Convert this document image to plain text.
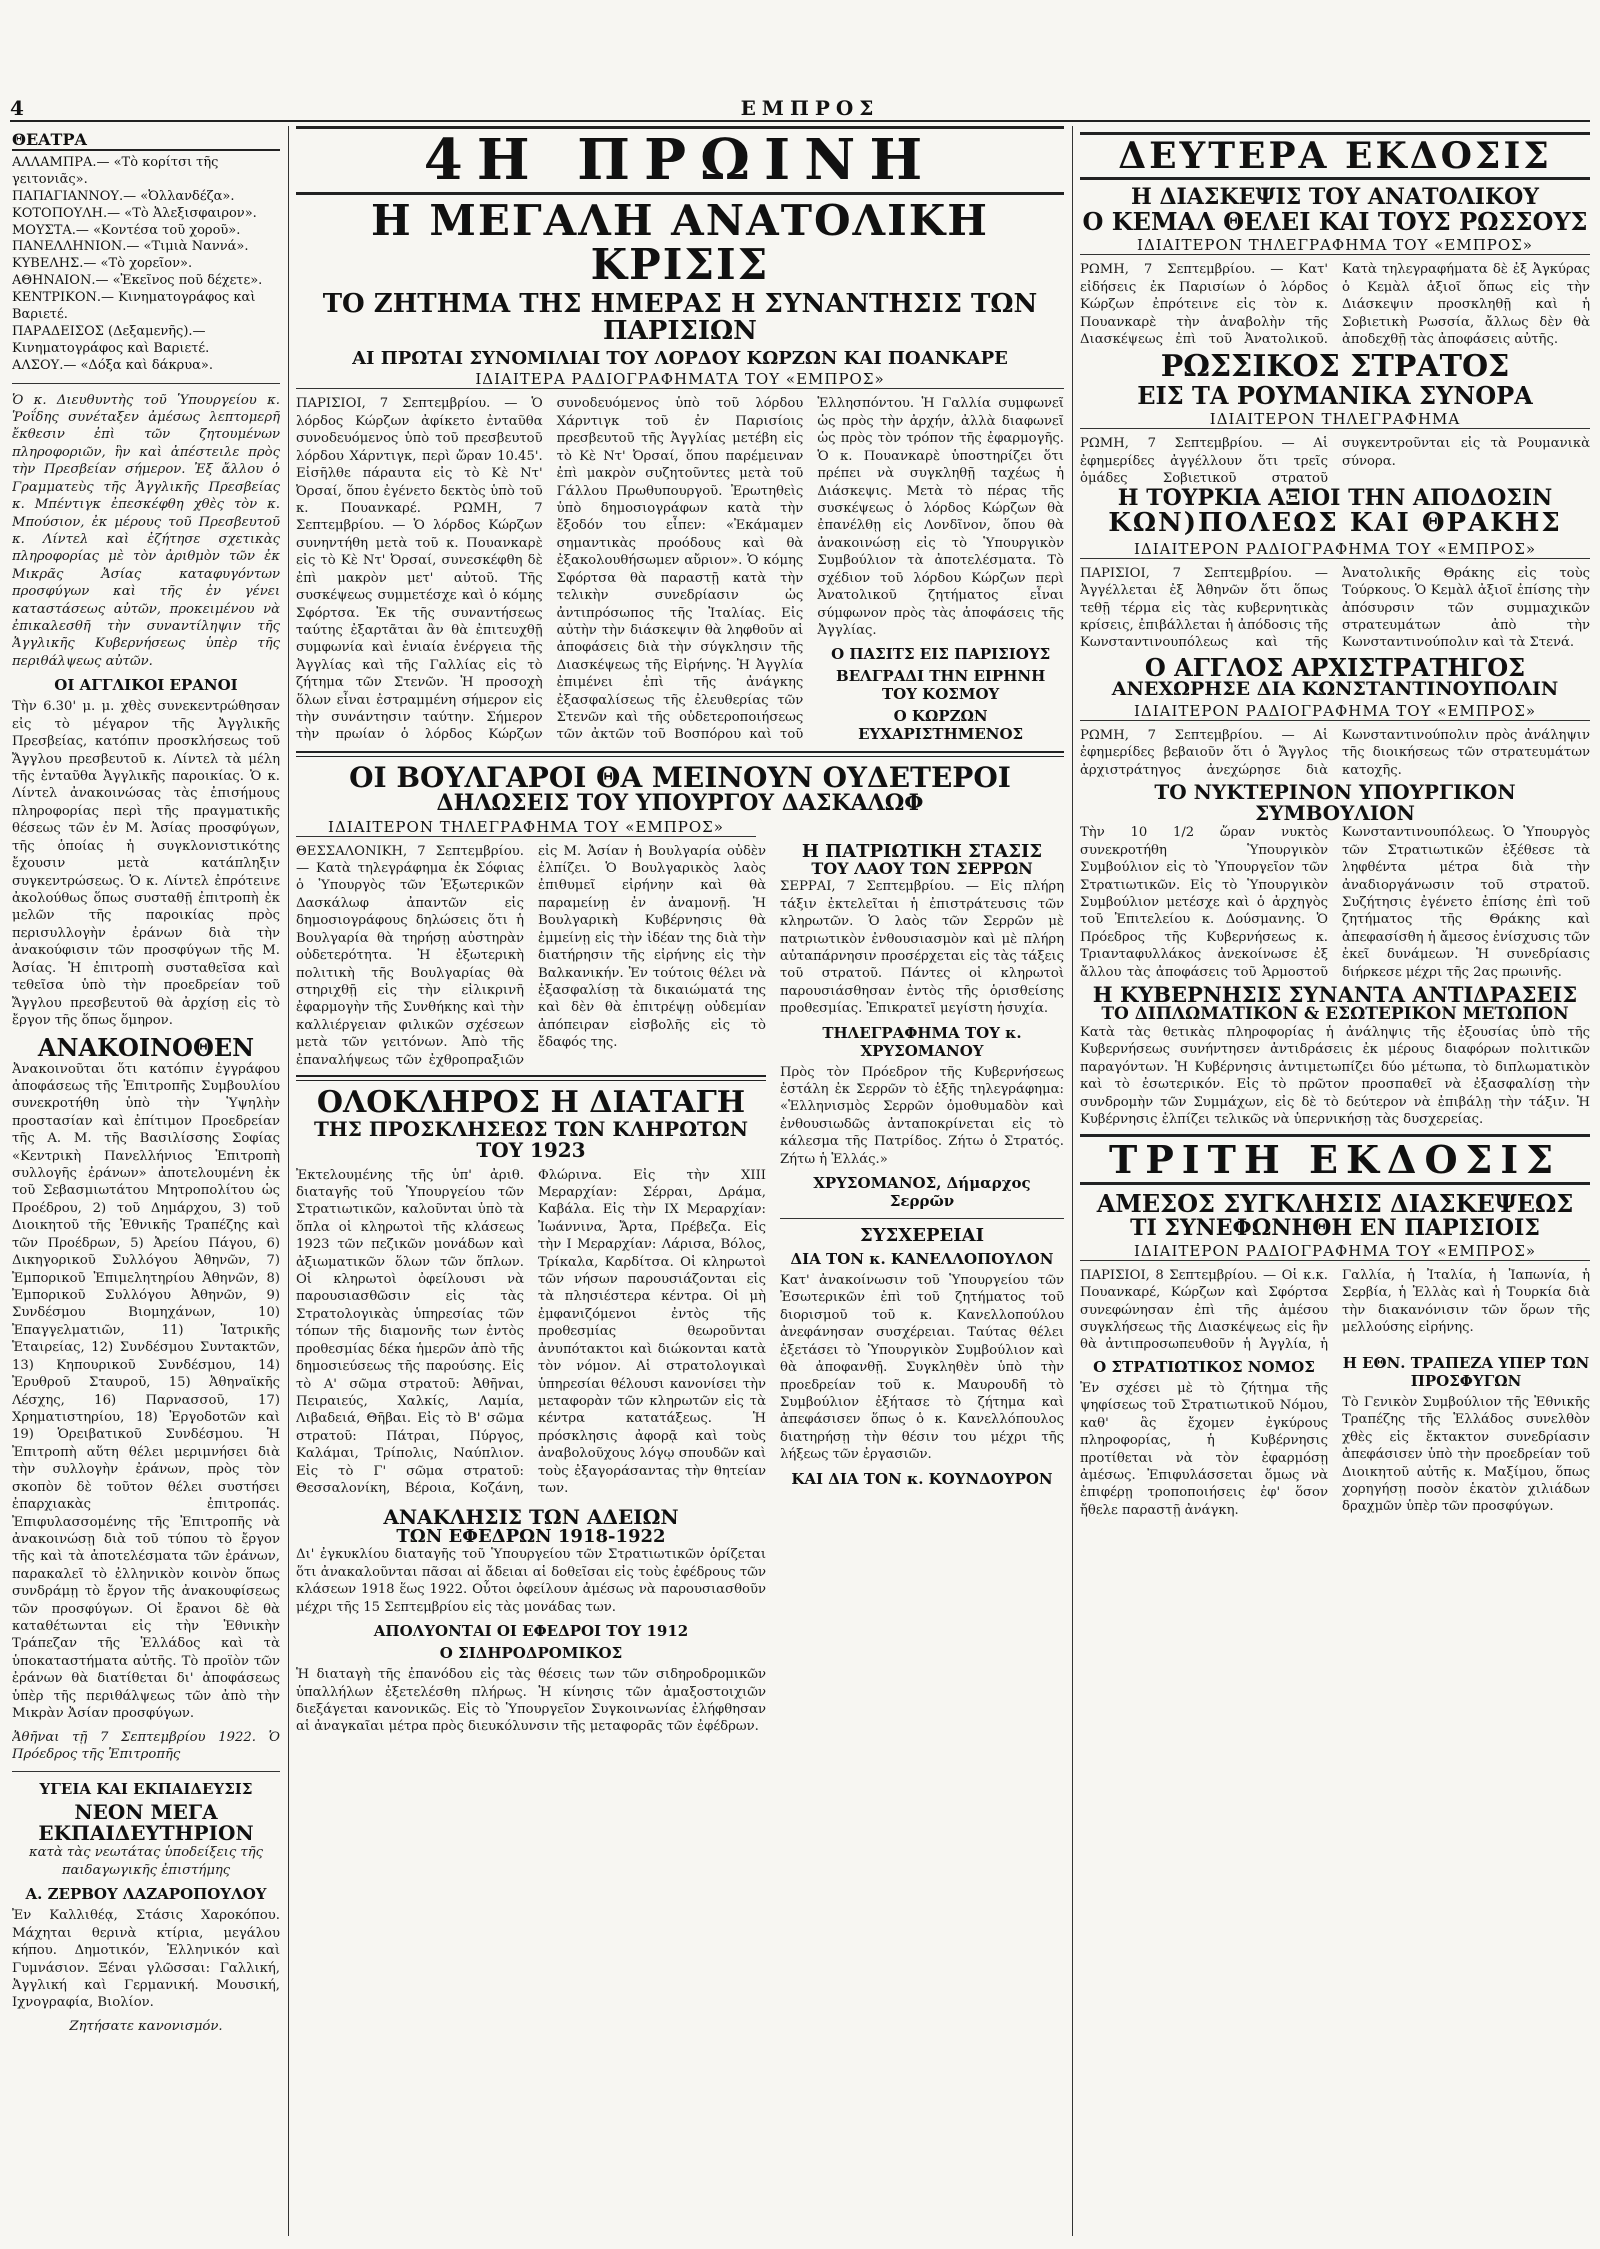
4	ΕΜΠΡΟΣ
ΘΕΑΤΡΑ

ΑΛΛΑΜΠΡΑ.— «Τὸ κορίτσι τῆς γειτονιᾶς».

ΠΑΠΑΓΙΑΝΝΟΥ.— «Ὀλλανδέζα».

ΚΟΤΟΠΟΥΛΗ.— «Τὸ Ἀλεξισφαιρον».

ΜΟΥΣΤΑ.— «Κοντέσα τοῦ χοροῦ».

ΠΑΝΕΛΛΗΝΙΟΝ.— «Τιμιὰ Ναννά».

ΚΥΒΕΛΗΣ.— «Τὸ χορεῖον».

ΑΘΗΝΑΙΟΝ.— «Ἐκεῖνος ποῦ δέχετε».

ΚΕΝΤΡΙΚΟΝ.— Κινηματογράφος καὶ Βαριετέ.

ΠΑΡΑΔΕΙΣΟΣ (Δεξαμενῆς).— Κινηματογράφος καὶ Βαριετέ.

ΑΛΣΟΥ.— «Δόξα καὶ δάκρυα».

Ὁ κ. Διευθυντὴς τοῦ Ὑπουργείου κ. Ῥοΐδης συνέταξεν ἀμέσως λεπτομερῆ ἔκθεσιν ἐπὶ τῶν ζητουμένων πληροφοριῶν, ἣν καὶ ἀπέστειλε πρὸς τὴν Πρεσβείαν σήμερον. Ἐξ ἄλλου ὁ Γραμματεὺς τῆς Ἀγγλικῆς Πρεσβείας κ. Μπέντιγκ ἐπεσκέφθη χθὲς τὸν κ. Μπούσιον, ἐκ μέρους τοῦ Πρεσβευτοῦ κ. Λίντελ καὶ ἐζήτησε σχετικὰς πληροφορίας μὲ τὸν ἀριθμὸν τῶν ἐκ Μικρᾶς Ἀσίας καταφυγόντων προσφύγων καὶ τῆς ἐν γένει καταστάσεως αὐτῶν, προκειμένου νὰ ἐπικαλεσθῆ τὴν συναντίληψιν τῆς Ἀγγλικῆς Κυβερνήσεως ὑπὲρ τῆς περιθάλψεως αὐτῶν.

ΟΙ ΑΓΓΛΙΚΟΙ ΕΡΑΝΟΙ

Τὴν 6.30' μ. μ. χθὲς συνεκεντρώθησαν εἰς τὸ μέγαρον τῆς Ἀγγλικῆς Πρεσβείας, κατόπιν προσκλήσεως τοῦ Ἄγγλου πρεσβευτοῦ κ. Λίντελ τὰ μέλη τῆς ἐνταῦθα Ἀγγλικῆς παροικίας. Ὁ κ. Λίντελ ἀνακοινώσας τὰς ἐπισήμους πληροφορίας περὶ τῆς πραγματικῆς θέσεως τῶν ἐν Μ. Ἀσίας προσφύγων, τῆς ὁποίας ἡ συγκλονιστικότης ἔχουσιν μετὰ κατάπληξιν συγκεντρώσεως. Ὁ κ. Λίντελ ἐπρότεινε ἀκολούθως ὅπως συσταθῇ ἐπιτροπὴ ἐκ μελῶν τῆς παροικίας πρὸς περισυλλογὴν ἐράνων διὰ τὴν ἀνακούφισιν τῶν προσφύγων τῆς Μ. Ἀσίας. Ἡ ἐπιτροπὴ συσταθεῖσα καὶ τεθεῖσα ὑπὸ τὴν προεδρείαν τοῦ Ἄγγλου πρεσβευτοῦ θὰ ἀρχίσῃ εἰς τὸ ἔργον τῆς ὅπως ὅμηρον.

ΑΝΑΚΟΙΝΟΘΕΝ

Ἀνακοινοῦται ὅτι κατόπιν ἐγγράφου ἀποφάσεως τῆς Ἐπιτροπῆς Συμβουλίου συνεκροτήθη ὑπὸ τὴν Ὑψηλὴν προστασίαν καὶ ἐπίτιμον Προεδρείαν τῆς Α. Μ. τῆς Βασιλίσσης Σοφίας «Κεντρικὴ Πανελλήνιος Ἐπιτροπὴ συλλογῆς ἐράνων» ἀποτελουμένη ἐκ τοῦ Σεβασμιωτάτου Μητροπολίτου ὡς Προέδρου, 2) τοῦ Δημάρχου, 3) τοῦ Διοικητοῦ τῆς Ἐθνικῆς Τραπέζης καὶ τῶν Προέδρων, 5) Ἀρείου Πάγου, 6) Δικηγορικοῦ Συλλόγου Ἀθηνῶν, 7) Ἐμπορικοῦ Ἐπιμελητηρίου Ἀθηνῶν, 8) Ἐμπορικοῦ Συλλόγου Ἀθηνῶν, 9) Συνδέσμου Βιομηχάνων, 10) Ἐπαγγελματιῶν, 11) Ἰατρικῆς Ἑταιρείας, 12) Συνδέσμου Συντακτῶν, 13) Κηπουρικοῦ Συνδέσμου, 14) Ἐρυθροῦ Σταυροῦ, 15) Ἀθηναϊκῆς Λέσχης, 16) Παρνασσοῦ, 17) Χρηματιστηρίου, 18) Ἐργοδοτῶν καὶ 19) Ὁρειβατικοῦ Συνδέσμου. Ἡ Ἐπιτροπὴ αὕτη θέλει μεριμνήσει διὰ τὴν συλλογὴν ἐράνων, πρὸς τὸν σκοπὸν δὲ τοῦτον θέλει συστήσει ἐπαρχιακὰς ἐπιτροπάς. Ἐπιφυλασσομένης τῆς Ἐπιτροπῆς νὰ ἀνακοινώσῃ διὰ τοῦ τύπου τὸ ἔργον τῆς καὶ τὰ ἀποτελέσματα τῶν ἐράνων, παρακαλεῖ τὸ ἐλληνικὸν κοινὸν ὅπως συνδράμῃ τὸ ἔργον τῆς ἀνακουφίσεως τῶν προσφύγων. Οἱ ἔρανοι δὲ θὰ καταθέτωνται εἰς τὴν Ἐθνικὴν Τράπεζαν τῆς Ἑλλάδος καὶ τὰ ὑποκαταστήματα αὐτῆς. Τὸ προϊὸν τῶν ἐράνων θὰ διατίθεται δι' ἀποφάσεως ὑπὲρ τῆς περιθάλψεως τῶν ἀπὸ τὴν Μικρὰν Ἀσίαν προσφύγων.

Ἀθῆναι τῇ 7 Σεπτεμβρίου 1922. Ὁ Πρόεδρος τῆς Ἐπιτροπῆς

ΥΓΕΙΑ ΚΑΙ ΕΚΠΑΙΔΕΥΣΙΣ
ΝΕΟΝ ΜΕΓΑ ΕΚΠΑΙΔΕΥΤΗΡΙΟΝ

κατὰ τὰς νεωτάτας ὑποδείξεις τῆς παιδαγωγικῆς ἐπιστήμης

Α. ΖΕΡΒΟΥ ΛΑΖΑΡΟΠΟΥΛΟΥ

Ἐν Καλλιθέᾳ, Στάσις Χαροκόπου. Μάχηται θερινὰ κτίρια, μεγάλου κήπου. Δημοτικόν, Ἑλληνικόν καὶ Γυμνάσιον. Ξέναι γλῶσσαι: Γαλλική, Ἀγγλική καὶ Γερμανική. Μουσική, Ιχνογραφία, Βιολίον.

Ζητήσατε κανονισμόν.

4Η ΠΡΩΙΝΗ
Η ΜΕΓΑΛΗ ΑΝΑΤΟΛΙΚΗ ΚΡΙΣΙΣ
ΤΟ ΖΗΤΗΜΑ ΤΗΣ ΗΜΕΡΑΣ Η ΣΥΝΑΝΤΗΣΙΣ ΤΩΝ ΠΑΡΙΣΙΩΝ
ΑΙ ΠΡΩΤΑΙ ΣΥΝΟΜΙΛΙΑΙ ΤΟΥ ΛΟΡΔΟΥ ΚΩΡΖΩΝ ΚΑΙ ΠΟΑΝΚΑΡΕ
ΙΔΙΑΙΤΕΡΑ ΡΑΔΙΟΓΡΑΦΗΜΑΤΑ ΤΟΥ «ΕΜΠΡΟΣ»

ΠΑΡΙΣΙΟΙ, 7 Σεπτεμβρίου. — Ὁ λόρδος Κώρζων ἀφίκετο ἐνταῦθα συνοδευόμενος ὑπὸ τοῦ πρεσβευτοῦ λόρδου Χάρντιγκ, περὶ ὥραν 10.45'. Εἰσῆλθε πάραυτα εἰς τὸ Κὲ Ντ' Ὀρσαί, ὅπου ἐγένετο δεκτὸς ὑπὸ τοῦ κ. Πουανκαρέ. ΡΩΜΗ, 7 Σεπτεμβρίου. — Ὁ λόρδος Κώρζων συνηντήθη μετὰ τοῦ κ. Πουανκαρὲ εἰς τὸ Κὲ Ντ' Ὀρσαί, συνεσκέφθη δὲ ἐπὶ μακρὸν μετ' αὐτοῦ. Τῆς συσκέψεως συμμετέσχε καὶ ὁ κόμης Σφόρτσα. Ἐκ τῆς συναντήσεως ταύτης ἐξαρτᾶται ἂν θὰ ἐπιτευχθῇ συμφωνία καὶ ἑνιαία ἐνέργεια τῆς Ἀγγλίας καὶ τῆς Γαλλίας εἰς τὸ ζήτημα τῶν Στενῶν. Ἡ προσοχὴ ὅλων εἶναι ἐστραμμένη σήμερον εἰς τὴν συνάντησιν ταύτην. Σήμερον τὴν πρωίαν ὁ λόρδος Κώρζων συνοδευόμενος ὑπὸ τοῦ λόρδου Χάρντιγκ τοῦ ἐν Παρισίοις πρεσβευτοῦ τῆς Ἀγγλίας μετέβη εἰς τὸ Κὲ Ντ' Ὀρσαί, ὅπου παρέμειναν ἐπὶ μακρὸν συζητοῦντες μετὰ τοῦ Γάλλου Πρωθυπουργοῦ. Ἐρωτηθεὶς ὑπὸ δημοσιογράφων κατὰ τὴν ἔξοδόν του εἶπεν: «Ἐκάμαμεν σημαντικὰς προόδους καὶ θὰ ἐξακολουθήσωμεν αὔριον». Ὁ κόμης Σφόρτσα θὰ παραστῇ κατὰ τὴν τελικὴν συνεδρίασιν ὡς ἀντιπρόσωπος τῆς Ἰταλίας. Εἰς αὐτὴν τὴν διάσκεψιν θὰ ληφθοῦν αἱ ἀποφάσεις διὰ τὴν σύγκλησιν τῆς Διασκέψεως τῆς Εἰρήνης. Ἡ Ἀγγλία ἐπιμένει ἐπὶ τῆς ἀνάγκης ἐξασφαλίσεως τῆς ἐλευθερίας τῶν Στενῶν καὶ τῆς οὐδετεροποιήσεως τῶν ἀκτῶν τοῦ Βοσπόρου καὶ τοῦ Ἑλλησπόντου. Ἡ Γαλλία συμφωνεῖ ὡς πρὸς τὴν ἀρχήν, ἀλλὰ διαφωνεῖ ὡς πρὸς τὸν τρόπον τῆς ἐφαρμογῆς. Ὁ κ. Πουανκαρὲ ὑποστηρίζει ὅτι πρέπει νὰ συγκληθῇ ταχέως ἡ Διάσκεψις. Μετὰ τὸ πέρας τῆς συσκέψεως ὁ λόρδος Κώρζων θὰ ἐπανέλθῃ εἰς Λονδῖνον, ὅπου θὰ ἀνακοινώσῃ εἰς τὸ Ὑπουργικὸν Συμβούλιον τὰ ἀποτελέσματα. Τὸ σχέδιον τοῦ λόρδου Κώρζων περὶ Ἀνατολικοῦ ζητήματος εἶναι σύμφωνον πρὸς τὰς ἀποφάσεις τῆς Ἀγγλίας.

Ο ΠΑΣΙΤΣ ΕΙΣ ΠΑΡΙΣΙΟΥΣ

ΒΕΛΓΡΑΔΙ ΤΗΝ ΕΙΡΗΝΗ ΤΟΥ ΚΟΣΜΟΥ

Ο ΚΩΡΖΩΝ ΕΥΧΑΡΙΣΤΗΜΕΝΟΣ

ΟΙ ΒΟΥΛΓΑΡΟΙ ΘΑ ΜΕΙΝΟΥΝ ΟΥΔΕΤΕΡΟΙ
ΔΗΛΩΣΕΙΣ ΤΟΥ ΥΠΟΥΡΓΟΥ ΔΑΣΚΑΛΩΦ
ΙΔΙΑΙΤΕΡΟΝ ΤΗΛΕΓΡΑΦΗΜΑ ΤΟΥ «ΕΜΠΡΟΣ»

ΘΕΣΣΑΛΟΝΙΚΗ, 7 Σεπτεμβρίου. — Κατὰ τηλεγράφημα ἐκ Σόφιας ὁ Ὑπουργὸς τῶν Ἐξωτερικῶν Δασκάλωφ ἀπαντῶν εἰς δημοσιογράφους δηλώσεις ὅτι ἡ Βουλγαρία θὰ τηρήσῃ αὐστηρὰν οὐδετερότητα. Ἡ ἐξωτερικὴ πολιτικὴ τῆς Βουλγαρίας θὰ στηριχθῇ εἰς τὴν εἰλικρινῆ ἐφαρμογὴν τῆς Συνθήκης καὶ τὴν καλλιέργειαν φιλικῶν σχέσεων μετὰ τῶν γειτόνων. Ἀπὸ τῆς ἐπαναλήψεως τῶν ἐχθροπραξιῶν εἰς Μ. Ἀσίαν ἡ Βουλγαρία οὐδὲν ἐλπίζει. Ὁ Βουλγαρικὸς λαὸς ἐπιθυμεῖ εἰρήνην καὶ θὰ παραμείνῃ ἐν ἀναμονῇ. Ἡ Βουλγαρικὴ Κυβέρνησις θὰ ἐμμείνῃ εἰς τὴν ἰδέαν της διὰ τὴν διατήρησιν τῆς εἰρήνης εἰς τὴν Βαλκανικήν. Ἐν τούτοις θέλει νὰ ἐξασφαλίσῃ τὰ δικαιώματά της καὶ δὲν θὰ ἐπιτρέψῃ οὐδεμίαν ἀπόπειραν εἰσβολῆς εἰς τὸ ἔδαφός της.

ΟΛΟΚΛΗΡΟΣ Η ΔΙΑΤΑΓΗ
ΤΗΣ ΠΡΟΣΚΛΗΣΕΩΣ ΤΩΝ ΚΛΗΡΩΤΩΝ ΤΟΥ 1923

Ἐκτελουμένης τῆς ὑπ' ἀριθ. διαταγῆς τοῦ Ὑπουργείου τῶν Στρατιωτικῶν, καλοῦνται ὑπὸ τὰ ὅπλα οἱ κληρωτοὶ τῆς κλάσεως 1923 τῶν πεζικῶν μονάδων καὶ ἀξιωματικῶν ὅλων τῶν ὅπλων. Οἱ κληρωτοὶ ὀφείλουσι νὰ παρουσιασθῶσιν εἰς τὰς Στρατολογικὰς ὑπηρεσίας τῶν τόπων τῆς διαμονῆς των ἐντὸς προθεσμίας δέκα ἡμερῶν ἀπὸ τῆς δημοσιεύσεως τῆς παρούσης. Εἰς τὸ Α' σῶμα στρατοῦ: Ἀθῆναι, Πειραιεύς, Χαλκίς, Λαμία, Λιβαδειά, Θῆβαι. Εἰς τὸ Β' σῶμα στρατοῦ: Πάτραι, Πύργος, Καλάμαι, Τρίπολις, Ναύπλιον. Εἰς τὸ Γ' σῶμα στρατοῦ: Θεσσαλονίκη, Βέροια, Κοζάνη, Φλώρινα. Εἰς τὴν ΧΙΙΙ Μεραρχίαν: Σέρραι, Δράμα, Καβάλα. Εἰς τὴν ΙΧ Μεραρχίαν: Ἰωάννινα, Ἄρτα, Πρέβεζα. Εἰς τὴν Ι Μεραρχίαν: Λάρισα, Βόλος, Τρίκαλα, Καρδίτσα. Οἱ κληρωτοὶ τῶν νήσων παρουσιάζονται εἰς τὰ πλησιέστερα κέντρα. Οἱ μὴ ἐμφανιζόμενοι ἐντὸς τῆς προθεσμίας θεωροῦνται ἀνυπότακτοι καὶ διώκονται κατὰ τὸν νόμον. Αἱ στρατολογικαὶ ὑπηρεσίαι θέλουσι κανονίσει τὴν μεταφορὰν τῶν κληρωτῶν εἰς τὰ κέντρα κατατάξεως. Ἡ πρόσκλησις ἀφορᾷ καὶ τοὺς ἀναβολοῦχους λόγῳ σπουδῶν καὶ τοὺς ἐξαγοράσαντας τὴν θητείαν των.

ΑΝΑΚΛΗΣΙΣ ΤΩΝ ΑΔΕΙΩΝ
ΤΩΝ ΕΦΕΔΡΩΝ 1918-1922

Δι' ἐγκυκλίου διαταγῆς τοῦ Ὑπουργείου τῶν Στρατιωτικῶν ὁρίζεται ὅτι ἀνακαλοῦνται πᾶσαι αἱ ἄδειαι αἱ δοθεῖσαι εἰς τοὺς ἐφέδρους τῶν κλάσεων 1918 ἕως 1922. Οὗτοι ὀφείλουν ἀμέσως νὰ παρουσιασθοῦν μέχρι τῆς 15 Σεπτεμβρίου εἰς τὰς μονάδας των.

ΑΠΟΛΥΟΝΤΑΙ ΟΙ ΕΦΕΔΡΟΙ ΤΟΥ 1912

Ο ΣΙΔΗΡΟΔΡΟΜΙΚΟΣ

Ἡ διαταγὴ τῆς ἐπανόδου εἰς τὰς θέσεις των τῶν σιδηροδρομικῶν ὑπαλλήλων ἐξετελέσθη πλήρως. Ἡ κίνησις τῶν ἀμαξοστοιχιῶν διεξάγεται κανονικῶς. Εἰς τὸ Ὑπουργεῖον Συγκοινωνίας ἐλήφθησαν αἱ ἀναγκαῖαι μέτρα πρὸς διευκόλυνσιν τῆς μεταφορᾶς τῶν ἐφέδρων.

Η ΠΑΤΡΙΩΤΙΚΗ ΣΤΑΣΙΣ
ΤΟΥ ΛΑΟΥ ΤΩΝ ΣΕΡΡΩΝ

ΣΕΡΡΑΙ, 7 Σεπτεμβρίου. — Εἰς πλήρη τάξιν ἐκτελεῖται ἡ ἐπιστράτευσις τῶν κληρωτῶν. Ὁ λαὸς τῶν Σερρῶν μὲ πατριωτικὸν ἐνθουσιασμὸν καὶ μὲ πλήρη αὐταπάρνησιν προσέρχεται εἰς τὰς τάξεις τοῦ στρατοῦ. Πάντες οἱ κληρωτοὶ παρουσιάσθησαν ἐντὸς τῆς ὁρισθείσης προθεσμίας. Ἐπικρατεῖ μεγίστη ἡσυχία.

ΤΗΛΕΓΡΑΦΗΜΑ ΤΟΥ κ. ΧΡΥΣΟΜΑΝΟΥ

Πρὸς τὸν Πρόεδρον τῆς Κυβερνήσεως ἐστάλη ἐκ Σερρῶν τὸ ἑξῆς τηλεγράφημα: «Ἑλληνισμὸς Σερρῶν ὁμοθυμαδὸν καὶ ἐνθουσιωδῶς ἀνταποκρίνεται εἰς τὸ κάλεσμα τῆς Πατρίδος. Ζήτω ὁ Στρατός. Ζήτω ἡ Ἑλλάς.»

ΧΡΥΣΟΜΑΝΟΣ, Δήμαρχος Σερρῶν

ΣΥΣΧΕΡΕΙΑΙ
ΔΙΑ ΤΟΝ κ. ΚΑΝΕΛΛΟΠΟΥΛΟΝ

Κατ' ἀνακοίνωσιν τοῦ Ὑπουργείου τῶν Ἐσωτερικῶν ἐπὶ τοῦ ζητήματος τοῦ διορισμοῦ τοῦ κ. Κανελλοπούλου ἀνεφάνησαν συσχέρειαι. Ταύτας θέλει ἐξετάσει τὸ Ὑπουργικὸν Συμβούλιον καὶ θὰ ἀποφανθῇ. Συγκληθὲν ὑπὸ τὴν προεδρείαν τοῦ κ. Μαυρουδῆ τὸ Συμβούλιον ἐξήτασε τὸ ζήτημα καὶ ἀπεφάσισεν ὅπως ὁ κ. Κανελλόπουλος διατηρήσῃ τὴν θέσιν του μέχρι τῆς λήξεως τῶν ἐργασιῶν.

ΚΑΙ ΔΙΑ ΤΟΝ κ. ΚΟΥΝΔΟΥΡΟΝ

ΔΕΥΤΕΡΑ ΕΚΔΟΣΙΣ
Η ΔΙΑΣΚΕΨΙΣ ΤΟΥ ΑΝΑΤΟΛΙΚΟΥ
Ο ΚΕΜΑΛ ΘΕΛΕΙ ΚΑΙ ΤΟΥΣ ΡΩΣΣΟΥΣ
ΙΔΙΑΙΤΕΡΟΝ ΤΗΛΕΓΡΑΦΗΜΑ ΤΟΥ «ΕΜΠΡΟΣ»

ΡΩΜΗ, 7 Σεπτεμβρίου. — Κατ' εἰδήσεις ἐκ Παρισίων ὁ λόρδος Κώρζων ἐπρότεινε εἰς τὸν κ. Πουανκαρὲ τὴν ἀναβολὴν τῆς Διασκέψεως ἐπὶ τοῦ Ἀνατολικοῦ. Κατὰ τηλεγραφήματα δὲ ἐξ Ἀγκύρας ὁ Κεμὰλ ἀξιοῖ ὅπως εἰς τὴν Διάσκεψιν προσκληθῇ καὶ ἡ Σοβιετικὴ Ρωσσία, ἄλλως δὲν θὰ ἀποδεχθῇ τὰς ἀποφάσεις αὐτῆς.

ΡΩΣΣΙΚΟΣ ΣΤΡΑΤΟΣ
ΕΙΣ ΤΑ ΡΟΥΜΑΝΙΚΑ ΣΥΝΟΡΑ
ΙΔΙΑΙΤΕΡΟΝ ΤΗΛΕΓΡΑΦΗΜΑ

ΡΩΜΗ, 7 Σεπτεμβρίου. — Αἱ ἐφημερίδες ἀγγέλλουν ὅτι τρεῖς ὁμάδες Σοβιετικοῦ στρατοῦ συγκεντροῦνται εἰς τὰ Ρουμανικὰ σύνορα.

Η ΤΟΥΡΚΙΑ ΑΞΙΟΙ ΤΗΝ ΑΠΟΔΟΣΙΝ
ΚΩΝ)ΠΟΛΕΩΣ ΚΑΙ ΘΡΑΚΗΣ
ΙΔΙΑΙΤΕΡΟΝ ΡΑΔΙΟΓΡΑΦΗΜΑ ΤΟΥ «ΕΜΠΡΟΣ»

ΠΑΡΙΣΙΟΙ, 7 Σεπτεμβρίου. — Ἀγγέλλεται ἐξ Ἀθηνῶν ὅτι ὅπως τεθῇ τέρμα εἰς τὰς κυβερνητικὰς κρίσεις, ἐπιβάλλεται ἡ ἀπόδοσις τῆς Κωνσταντινουπόλεως καὶ τῆς Ἀνατολικῆς Θράκης εἰς τοὺς Τούρκους. Ὁ Κεμὰλ ἀξιοῖ ἐπίσης τὴν ἀπόσυρσιν τῶν συμμαχικῶν στρατευμάτων ἀπὸ τὴν Κωνσταντινούπολιν καὶ τὰ Στενά.

Ο ΑΓΓΛΟΣ ΑΡΧΙΣΤΡΑΤΗΓΟΣ
ΑΝΕΧΩΡΗΣΕ ΔΙΑ ΚΩΝΣΤΑΝΤΙΝΟΥΠΟΛΙΝ
ΙΔΙΑΙΤΕΡΟΝ ΡΑΔΙΟΓΡΑΦΗΜΑ ΤΟΥ «ΕΜΠΡΟΣ»

ΡΩΜΗ, 7 Σεπτεμβρίου. — Αἱ ἐφημερίδες βεβαιοῦν ὅτι ὁ Ἄγγλος ἀρχιστράτηγος ἀνεχώρησε διὰ Κωνσταντινούπολιν πρὸς ἀνάληψιν τῆς διοικήσεως τῶν στρατευμάτων κατοχῆς.

ΤΟ ΝΥΚΤΕΡΙΝΟΝ ΥΠΟΥΡΓΙΚΟΝ ΣΥΜΒΟΥΛΙΟΝ

Τὴν 10 1/2 ὥραν νυκτὸς συνεκροτήθη Ὑπουργικὸν Συμβούλιον εἰς τὸ Ὑπουργεῖον τῶν Στρατιωτικῶν. Εἰς τὸ Ὑπουργικὸν Συμβούλιον μετέσχε καὶ ὁ ἀρχηγὸς τοῦ Ἐπιτελείου κ. Δούσμανης. Ὁ Πρόεδρος τῆς Κυβερνήσεως κ. Τριανταφυλλάκος ἀνεκοίνωσε ἐξ ἄλλου τὰς ἀποφάσεις τοῦ Ἁρμοστοῦ Κωνσταντινουπόλεως. Ὁ Ὑπουργὸς τῶν Στρατιωτικῶν ἐξέθεσε τὰ ληφθέντα μέτρα διὰ τὴν ἀναδιοργάνωσιν τοῦ στρατοῦ. Συζήτησις ἐγένετο ἐπίσης ἐπὶ τοῦ ζητήματος τῆς Θράκης καὶ ἀπεφασίσθη ἡ ἄμεσος ἐνίσχυσις τῶν ἐκεῖ δυνάμεων. Ἡ συνεδρίασις διήρκεσε μέχρι τῆς 2ας πρωινῆς.

Η ΚΥΒΕΡΝΗΣΙΣ ΣΥΝΑΝΤΑ ΑΝΤΙΔΡΑΣΕΙΣ
ΤΟ ΔΙΠΛΩΜΑΤΙΚΟΝ & ΕΣΩΤΕΡΙΚΟΝ ΜΕΤΩΠΟΝ

Κατὰ τὰς θετικὰς πληροφορίας ἡ ἀνάληψις τῆς ἐξουσίας ὑπὸ τῆς Κυβερνήσεως συνήντησεν ἀντιδράσεις ἐκ μέρους διαφόρων πολιτικῶν παραγόντων. Ἡ Κυβέρνησις ἀντιμετωπίζει δύο μέτωπα, τὸ διπλωματικὸν καὶ τὸ ἐσωτερικόν. Εἰς τὸ πρῶτον προσπαθεῖ νὰ ἐξασφαλίσῃ τὴν συνδρομὴν τῶν Συμμάχων, εἰς δὲ τὸ δεύτερον νὰ ἐπιβάλῃ τὴν τάξιν. Ἡ Κυβέρνησις ἐλπίζει τελικῶς νὰ ὑπερνικήσῃ τὰς δυσχερείας.

ΤΡΙΤΗ ΕΚΔΟΣΙΣ
ΑΜΕΣΟΣ ΣΥΓΚΛΗΣΙΣ ΔΙΑΣΚΕΨΕΩΣ
ΤΙ ΣΥΝΕΦΩΝΗΘΗ ΕΝ ΠΑΡΙΣΙΟΙΣ
ΙΔΙΑΙΤΕΡΟΝ ΡΑΔΙΟΓΡΑΦΗΜΑ ΤΟΥ «ΕΜΠΡΟΣ»

ΠΑΡΙΣΙΟΙ, 8 Σεπτεμβρίου. — Οἱ κ.κ. Πουανκαρέ, Κώρζων καὶ Σφόρτσα συνεφώνησαν ἐπὶ τῆς ἀμέσου συγκλήσεως τῆς Διασκέψεως εἰς ἣν θὰ ἀντιπροσωπευθοῦν ἡ Ἀγγλία, ἡ Γαλλία, ἡ Ἰταλία, ἡ Ἰαπωνία, ἡ Σερβία, ἡ Ἑλλὰς καὶ ἡ Τουρκία διὰ τὴν διακανόνισιν τῶν ὅρων τῆς μελλούσης εἰρήνης.

Ο ΣΤΡΑΤΙΩΤΙΚΟΣ ΝΟΜΟΣ

Ἐν σχέσει μὲ τὸ ζήτημα τῆς ψηφίσεως τοῦ Στρατιωτικοῦ Νόμου, καθ' ἃς ἔχομεν ἐγκύρους πληροφορίας, ἡ Κυβέρνησις προτίθεται νὰ τὸν ἐφαρμόσῃ ἀμέσως. Ἐπιφυλάσσεται ὅμως νὰ ἐπιφέρῃ τροποποιήσεις ἐφ' ὅσον ἤθελε παραστῇ ἀνάγκη.

Η ΕΘΝ. ΤΡΑΠΕΖΑ ΥΠΕΡ ΤΩΝ ΠΡΟΣΦΥΓΩΝ

Τὸ Γενικὸν Συμβούλιον τῆς Ἐθνικῆς Τραπέζης τῆς Ἑλλάδος συνελθὸν χθὲς εἰς ἔκτακτον συνεδρίασιν ἀπεφάσισεν ὑπὸ τὴν προεδρείαν τοῦ Διοικητοῦ αὐτῆς κ. Μαξίμου, ὅπως χορηγήσῃ ποσὸν ἑκατὸν χιλιάδων δραχμῶν ὑπὲρ τῶν προσφύγων.
